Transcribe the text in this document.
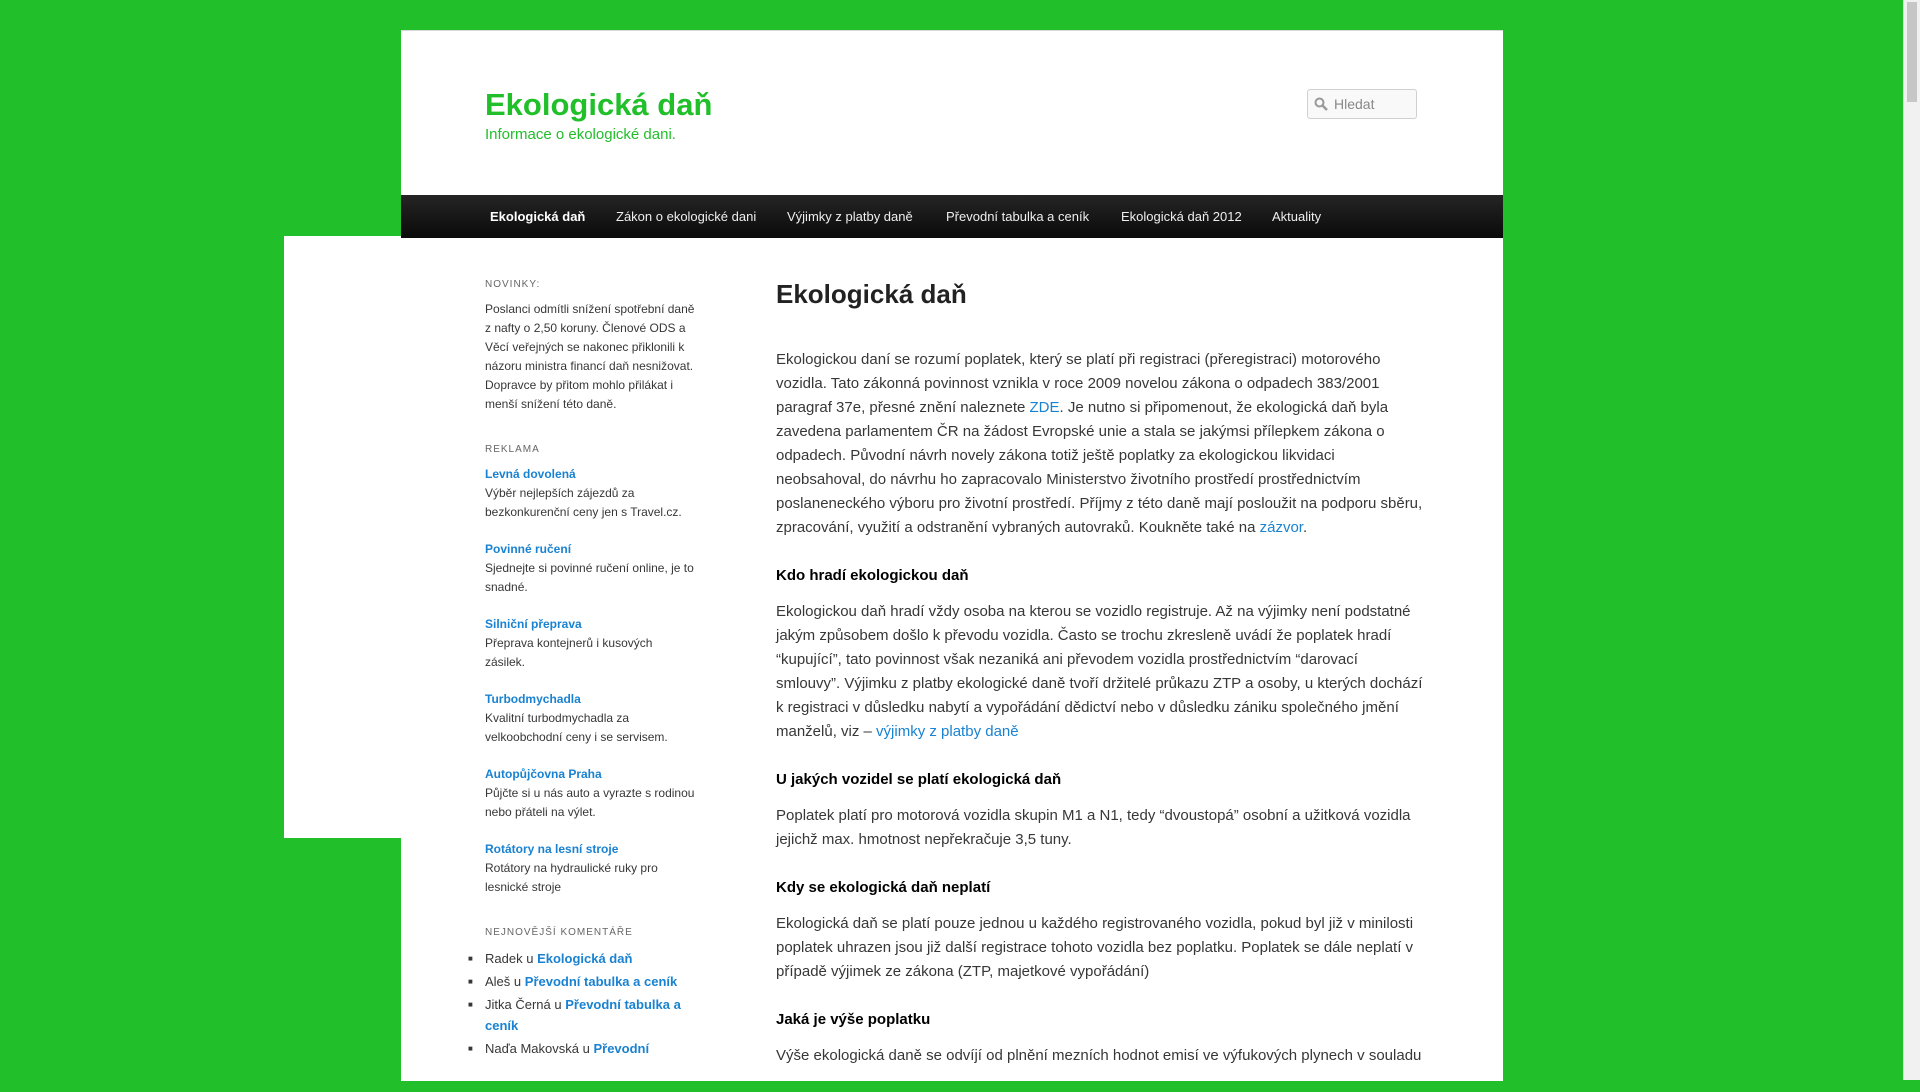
Ekologická daň
Informace o ekologické dani.
Hledat
Ekologická daň Zákon o ekologické dani Výjimky z platby daně	Převodní tabulka a ceník Ekologická daň 2012 Aktuality
NOVINKY:
Poslanci odmítli snížení spotřební daně z nafty o 2,50 koruny. Členové ODS a Věcí veřejných se nakonec přiklonili k názoru ministra financí daň nesnižovat. Dopravce by přitom mohlo přilákat i menší snížení této daně.
REKLAMA
Levná dovolená
Výběr nejlepších zájezdů za bezkonkurenční ceny jen s Travel.cz.
Povinné ručení
Sjednejte si povinné ručení online, je to snadné.
Silniční přeprava
Přeprava kontejnerů i kusových zásilek.
Turbodmychadla
Kvalitní turbodmychadla za velkoobchodní ceny i se servisem.
Autopůjčovna Praha
Půjčte si u nás auto a vyrazte s rodinou nebo přáteli na výlet.
Rotátory na lesní stroje
Rotátory na hydraulické ruky pro lesnické stroje
NEJNOVĚJŠÍ KOMENTÁŘE
■ Radek u Ekologická daň
■ Aleš u Převodní tabulka a ceník
■ Jitka Černá u Převodní tabulka a ceník
■ Naďa Makovská u Převodní
Ekologická daň

Ekologickou daní se rozumí poplatek, který se platí při registraci (přeregistraci) motorového vozidla. Tato zákonná povinnost vznikla v roce 2009 novelou zákona o odpadech 383/2001 paragraf 37e, přesné znění naleznete ZDE. Je nutno si připomenout, že ekologická daň byla zavedena parlamentem ČR na žádost Evropské unie a stala se jakýmsi přílepkem zákona o odpadech. Původní návrh novely zákona totiž ještě poplatky za ekologickou likvidaci neobsahoval, do návrhu ho zapracovalo Ministerstvo životního prostředí prostřednictvím poslaneneckého výboru pro životní prostředí. Příjmy z této daně mají posloužit na podporu sběru, zpracování, využití a odstranění vybraných autovraků. Koukněte také na zázvor.

Kdo hradí ekologickou daň

Ekologickou daň hradí vždy osoba na kterou se vozidlo registruje. Až na výjimky není podstatné jakým způsobem došlo k převodu vozidla. Často se trochu zkresleně uvádí že poplatek hradí “kupující”, tato povinnost však nezaniká ani převodem vozidla prostřednictvím “darovací smlouvy”. Výjimku z platby ekologické daně tvoří držitelé průkazu ZTP a osoby, u kterých dochází k registraci v důsledku nabytí a vypořádání dědictví nebo v důsledku zániku společného jmění manželů, viz – výjimky z platby daně

U jakých vozidel se platí ekologická daň

Poplatek platí pro motorová vozidla skupin M1 a N1, tedy “dvoustopá” osobní a užitková vozidla jejichž max. hmotnost nepřekračuje 3,5 tuny.

Kdy se ekologická daň neplatí

Ekologická daň se platí pouze jednou u každého registrovaného vozidla, pokud byl již v minilosti poplatek uhrazen jsou již další registrace tohoto vozidla bez poplatku. Poplatek se dále neplatí v případě výjimek ze zákona (ZTP, majetkové vypořádání)

Jaká je výše poplatku

Výše ekologická daně se odvíjí od plnění mezních hodnot emisí ve výfukových plynech v souladu
